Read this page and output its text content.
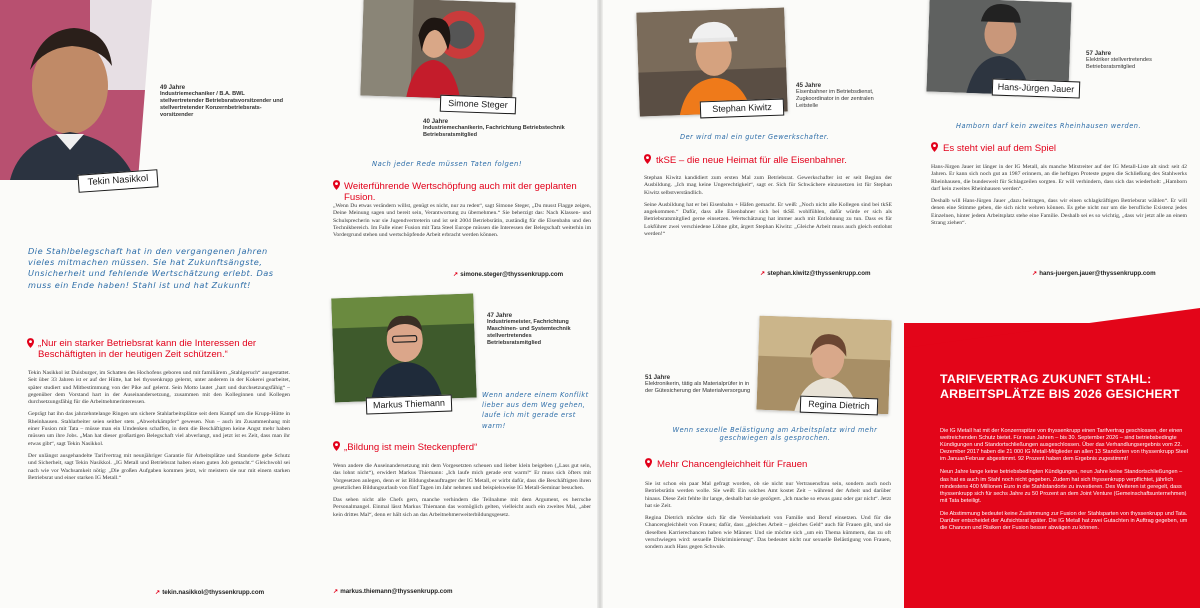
Tekin Nasikkol
49 Jahre
Industriemechaniker / B.A. BWL stellvertretender Betriebsratsvorsitzender und stellvertretender Konzernbetriebsrats-vorsitzender
Simone Steger
40 Jahre
Industriemechanikerin, Fachrichtung Betriebstechnik Betriebsratsmitglied
Die Stahlbelegschaft hat in den vergangenen Jahren vieles mitmachen müssen. Sie hat Zukunftsängste, Unsicherheit und fehlende Wertschätzung erlebt. Das muss ein Ende haben! Stahl ist und hat Zukunft!
Nach jeder Rede müssen Taten folgen!
Weiterführende Wertschöpfung auch mit der geplanten Fusion.
„Wenn Du etwas verändern willst, genügt es nicht, nur zu reden“, sagt Simone Steger, „Du musst Flagge zeigen, Deine Meinung sagen und bereit sein, Verantwortung zu übernehmen.“ Sie beherzigt das: Nach Klassen- und Schulsprecherin war sie Jugendvertreterin und ist seit 2004 Betriebsrätin, zuständig für die Eisenbahn und den Technikbereich. Im Falle einer Fusion mit Tata Steel Europe müssen die Interessen der Belegschaft weiterhin im Vordergrund stehen und wertschöpfende Arbeit erbracht werden können.
↗ simone.steger@thyssenkrupp.com
Markus Thiemann
47 Jahre
Industriemeister, Fachrichtung Maschinen- und Systemtechnik stellvertretendes Betriebsratsmitglied
Wenn andere einem Konflikt lieber aus dem Weg gehen, laufe ich mit gerade erst warm!
„Bildung ist mein Steckenpferd“

Wenn andere die Auseinandersetzung mit dem Vorgesetzten scheuen und lieber klein beigeben („Lass gut sein, das lohnt nicht“), erwidert Markus Thiemann: „Ich laufe mich gerade erst warm!“ Er muss sich öfters mit Vorgesetzen anlegen, denn er ist Bildungsbeauftragter der IG Metall, er wirbt dafür, dass die Beschäftigten ihren gesetzlichen Bildungsurlaub von fünf Tagen im Jahr nehmen und beispielsweise IG Metall-Seminar besuchen.

Das sehen nicht alle Chefs gern, manche verhindern die Teilnahme mit dem Argument, es herrsche Personalmangel. Einmal lässt Markus Thiemann das womöglich gelten, vielleicht auch ein zweites Mal, „aber kein drittes Mal“, denn er hält sich an das Arbeitnehmerweiterbildungsgesetz.

↗ markus.thiemann@thyssenkrupp.com
„Nur ein starker Betriebsrat kann die Interessen der Beschäftigten in der heutigen Zeit schützen.“

Tekin Nasikkol ist Duisburger, im Schatten des Hochofens geboren und mit familiärem „Stahlgeruch“ ausgestattet. Seit über 33 Jahren ist er auf der Hütte, hat bei thyssenkrupp gelernt, unter anderem in der Kokerei gearbeitet, später studiert und Mitbestimmung von der Pike auf gelernt. Sein Motto lautet „hart und durchsetzungsfähig“ – gegenüber dem Vorstand hart in der Auseinandersetzung, zusammen mit den Kolleginnen und Kollegen durchsetzungsfähig für die Arbeitnehmerinteressen.

Geprägt hat ihn das jahrzehntelange Ringen um sichere Stahlarbeitsplätze seit dem Kampf um die Krupp-Hütte in Rheinhausen. Stahlarbeiter seien seither stets „Abwehrkämpfer“ gewesen. Nun – auch im Zusammenhang mit einer Fusion mit Tata – müsse man ein Umdenken schaffen, in dem die Beschäftigten keine Angst mehr haben müssen um ihre Jobs. „Man hat dieser großartigen Belegschaft viel abverlangt, und jetzt ist es Zeit, dass man ihr etwas gibt“, sagt Tekin Nasikkol.

Der unlängst ausgehandelte Tarifvertrag mit neunjähriger Garantie für Arbeitsplätze und Standorte gebe Schutz und Sicherheit, sagt Tekin Nasikkol. „IG Metall und Betriebsrat haben einen guten Job gemacht.“ Gleichwohl sei nach wie vor Wachsamkeit nötig: „Die großen Aufgaben kommen jetzt, wir meistern sie nur mit einem starken Betriebsrat und einer starken IG Metall.“

↗ tekin.nasikkol@thyssenkrupp.com
Stephan Kiwitz
45 Jahre
Eisenbahner im Betriebsdienst, Zugkoordinator in der zentralen Leitstelle
Der wird mal ein guter Gewerkschafter.
tkSE – die neue Heimat für alle Eisenbahner.

Stephan Kiwitz kandidiert zum ersten Mal zum Betriebsrat. Gewerkschafter ist er seit Beginn der Ausbildung. „Ich mag keine Ungerechtigkeit“, sagt er. Sich für Schwächere einzusetzen ist für Stephan Kiwitz selbstverständlich.

Seine Ausbildung hat er bei Eisenbahn + Häfen gemacht. Er weiß: „Noch nicht alle Kollegen sind bei tkSE angekommen.“ Dafür, dass alle Eisenbahner sich bei tkSE wohlfühlen, dafür würde er sich als Betriebsratsmitglied gerne einsetzen. Wertschätzung hat immer auch mit Entlohnung zu tun. Dass es für Lokführer zwei verschiedene Löhne gibt, ärgert Stephan Kiwitz: „Gleiche Arbeit muss auch gleich entlohnt werden!“

↗ stephan.kiwitz@thyssenkrupp.com
Hans-Jürgen Jauer
57 Jahre
Elektriker stellvertretendes Betriebsratsmitglied
Hamborn darf kein zweites Rheinhausen werden.
Es steht viel auf dem Spiel

Hans-Jürgen Jauer ist länger in der IG Metall, als manche Mitstreiter auf der IG Metall-Liste alt sind: seit 42 Jahren. Er kann sich noch gut an 1987 erinnern, an die heftigen Proteste gegen die Schließung des Stahlwerks Rheinhausen, die bundesweit für Schlagzeilen sorgten. Er will verhindern, dass sich das wiederholt: „Hamborn darf kein zweites Rheinhausen werden“.

Deshalb will Hans-Jürgen Jauer „dazu beitragen, dass wir einen schlagkräftigen Betriebsrat wählen“. Er will denen eine Stimme geben, die sich nicht wehren können. Es gehe nicht nur um die berufliche Existenz jedes Einzelnen, hinter jedem Arbeitsplatz stehe eine Familie. Deshalb sei es so wichtig, „dass wir jetzt alle an einem Strang ziehen“.

↗ hans-juergen.jauer@thyssenkrupp.com
Regina Dietrich
51 Jahre
Elektronikerin, tätig als Materialprüfer in in der Gütesicherung der Materialversorgung
Wenn sexuelle Belästigung am Arbeitsplatz wird mehr geschwiegen als gesprochen.
Mehr Chancengleichheit für Frauen

Sie ist schon ein paar Mal gefragt worden, ob sie nicht nur Vertrauensfrau sein, sondern auch noch Betriebsrätin werden wolle. Sie weiß: Ein solches Amt kostet Zeit – während der Arbeit und darüber hinaus. Diese Zeit fehlte ihr lange, deshalb hat sie gezögert. „Ich mache so etwas ganz oder gar nicht“. Jetzt hat sie Zeit.

Regina Dietrich möchte sich für die Vereinbarkeit von Familie und Beruf einsetzen. Und für die Chancengleichheit von Frauen; dafür, dass „gleiches Arbeit – gleiches Geld“ auch für Frauen gilt, und sie dieselben Karrierechancen haben wie Männer. Und sie möchte sich „um ein Thema kümmern, das zu oft verschwiegen wird: sexuelle Diskriminierung“. Das bedeutet nicht nur sexuelle Belästigung von Frauen, sondern auch Hass gegen Schwule.

TARIFVERTRAG ZUKUNFT STAHL:
ARBEITSPLÄTZE BIS 2026 GESICHERT

Die IG Metall hat mit der Konzernspitze von thyssenkrupp einen Tarifvertrag geschlossen, der einen weitreichenden Schutz bietet. Für neun Jahren – bis 30. September 2026 – sind betriebsbedingte Kündigungen und Standortschließungen ausgeschlossen. Über das Verhandlungsergebnis vom 22. Dezember 2017 haben die 21 000 IG Metall-Mitglieder an allen 13 Standorten von thyssenkrupp Steel im Januar/Februar abgestimmt. 92 Prozent haben dem Ergebnis zugestimmt!

Neun Jahre lange keine betriebsbedingten Kündigungen, neun Jahre keine Standortschließungen – das hat es auch im Stahl noch nicht gegeben. Zudem hat sich thyssenkrupp verpflichtet, jährlich mindestens 400 Millionen Euro in die Stahlstandorte zu investieren. Des Weiteren ist geregelt, dass thyssenkrupp sich für sechs Jahre zu 50 Prozent an dem Joint Venture (Gemeinschaftsunternehmen) mit Tata beteiligt.

Die Abstimmung bedeutet keine Zustimmung zur Fusion der Stahlsparten von thyssenkrupp und Tata. Darüber entscheidet der Aufsichtsrat später. Die IG Metall hat zwei Gutachten in Auftrag gegeben, um die Chancen und Risiken der Fusion besser abwägen zu können.
